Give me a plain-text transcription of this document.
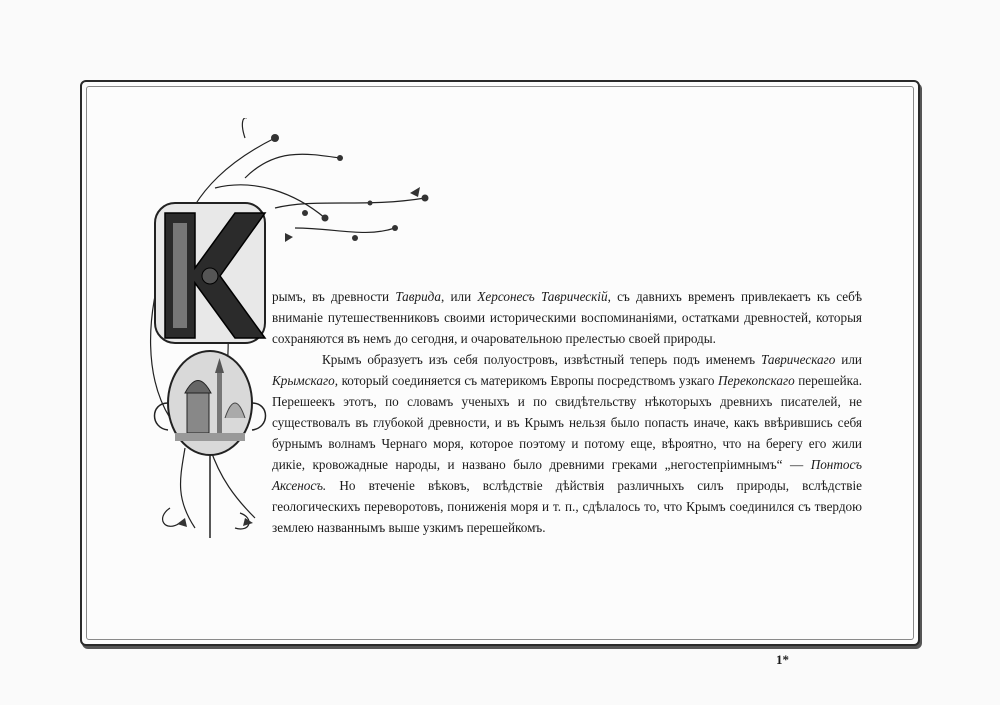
рымъ, въ древности Таврида, или Херсонесъ Таврическій, съ давнихъ временъ привлекаетъ къ себѣ вниманіе путешественниковъ своими историческими воспоминаніями, остатками древностей, которыя сохраняются въ немъ до сегодня, и очаровательною прелестью своей природы.

Крымъ образуетъ изъ себя полуостровъ, извѣстный теперь подъ именемъ Таврическаго или Крымскаго, который соединяется съ материкомъ Европы посредствомъ узкаго Перекопскаго перешейка. Перешеекъ этотъ, по словамъ ученыхъ и по свидѣтельству нѣкоторыхъ древнихъ писателей, не существовалъ въ глубокой древности, и въ Крымъ нельзя было попасть иначе, какъ ввѣрившись себя бурнымъ волнамъ Чернаго моря, которое поэтому и потому еще, вѣроятно, что на берегу его жили дикіе, кровожадные народы, и названо было древними греками „негостепріимнымъ“ — Понтосъ Аксеносъ. Но втеченіе вѣковъ, вслѣдствіе дѣйствія различныхъ силъ природы, вслѣдствіе геологическихъ переворотовъ, пониженія моря и т. п., сдѣлалось то, что Крымъ соединился съ твердою землею названнымъ выше узкимъ перешейкомъ.

1*
